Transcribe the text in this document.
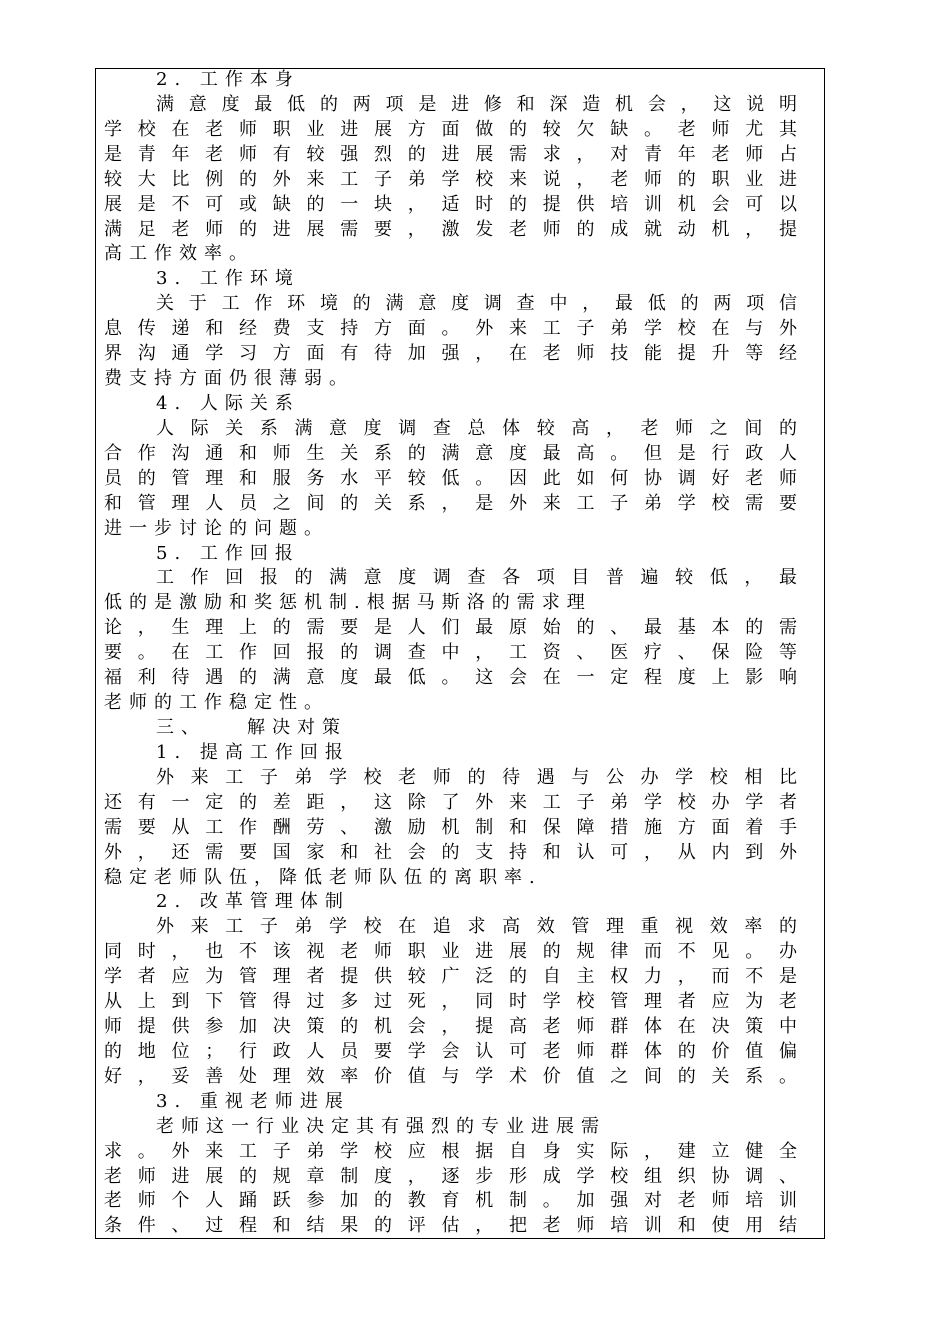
2. 工作本身
满意度最低的两项是进修和深造机会，这说明
学校在老师职业进展方面做的较欠缺。老师尤其
是青年老师有较强烈的进展需求，对青年老师占
较大比例的外来工子弟学校来说，老师的职业进
展是不可或缺的一块，适时的提供培训机会可以
满足老师的进展需要，激发老师的成就动机，提
高工作效率。
3. 工作环境
关于工作环境的满意度调查中，最低的两项信
息传递和经费支持方面。外来工子弟学校在与外
界沟通学习方面有待加强，在老师技能提升等经
费支持方面仍很薄弱。
4. 人际关系
人际关系满意度调查总体较高，老师之间的
合作沟通和师生关系的满意度最高。但是行政人
员的管理和服务水平较低。因此如何协调好老师
和管理人员之间的关系，是外来工子弟学校需要
进一步讨论的问题。
5. 工作回报
工作回报的满意度调查各项目普遍较低，最
低的是激励和奖惩机制.根据马斯洛的需求理
论，生理上的需要是人们最原始的、最基本的需
要。在工作回报的调查中，工资、医疗、保险等
福利待遇的满意度最低。这会在一定程度上影响
老师的工作稳定性。
三、　　解决对策
1. 提高工作回报
外来工子弟学校老师的待遇与公办学校相比
还有一定的差距，这除了外来工子弟学校办学者
需要从工作酬劳、激励机制和保障措施方面着手
外，还需要国家和社会的支持和认可，从内到外
稳定老师队伍，降低老师队伍的离职率.
2. 改革管理体制
外来工子弟学校在追求高效管理重视效率的
同时，也不该视老师职业进展的规律而不见。办
学者应为管理者提供较广泛的自主权力，而不是
从上到下管得过多过死，同时学校管理者应为老
师提供参加决策的机会，提高老师群体在决策中
的地位；行政人员要学会认可老师群体的价值偏
好，妥善处理效率价值与学术价值之间的关系。
3. 重视老师进展
老师这一行业决定其有强烈的专业进展需
求。外来工子弟学校应根据自身实际，建立健全
老师进展的规章制度，逐步形成学校组织协调、
老师个人踊跃参加的教育机制。加强对老师培训
条件、过程和结果的评估，把老师培训和使用结
